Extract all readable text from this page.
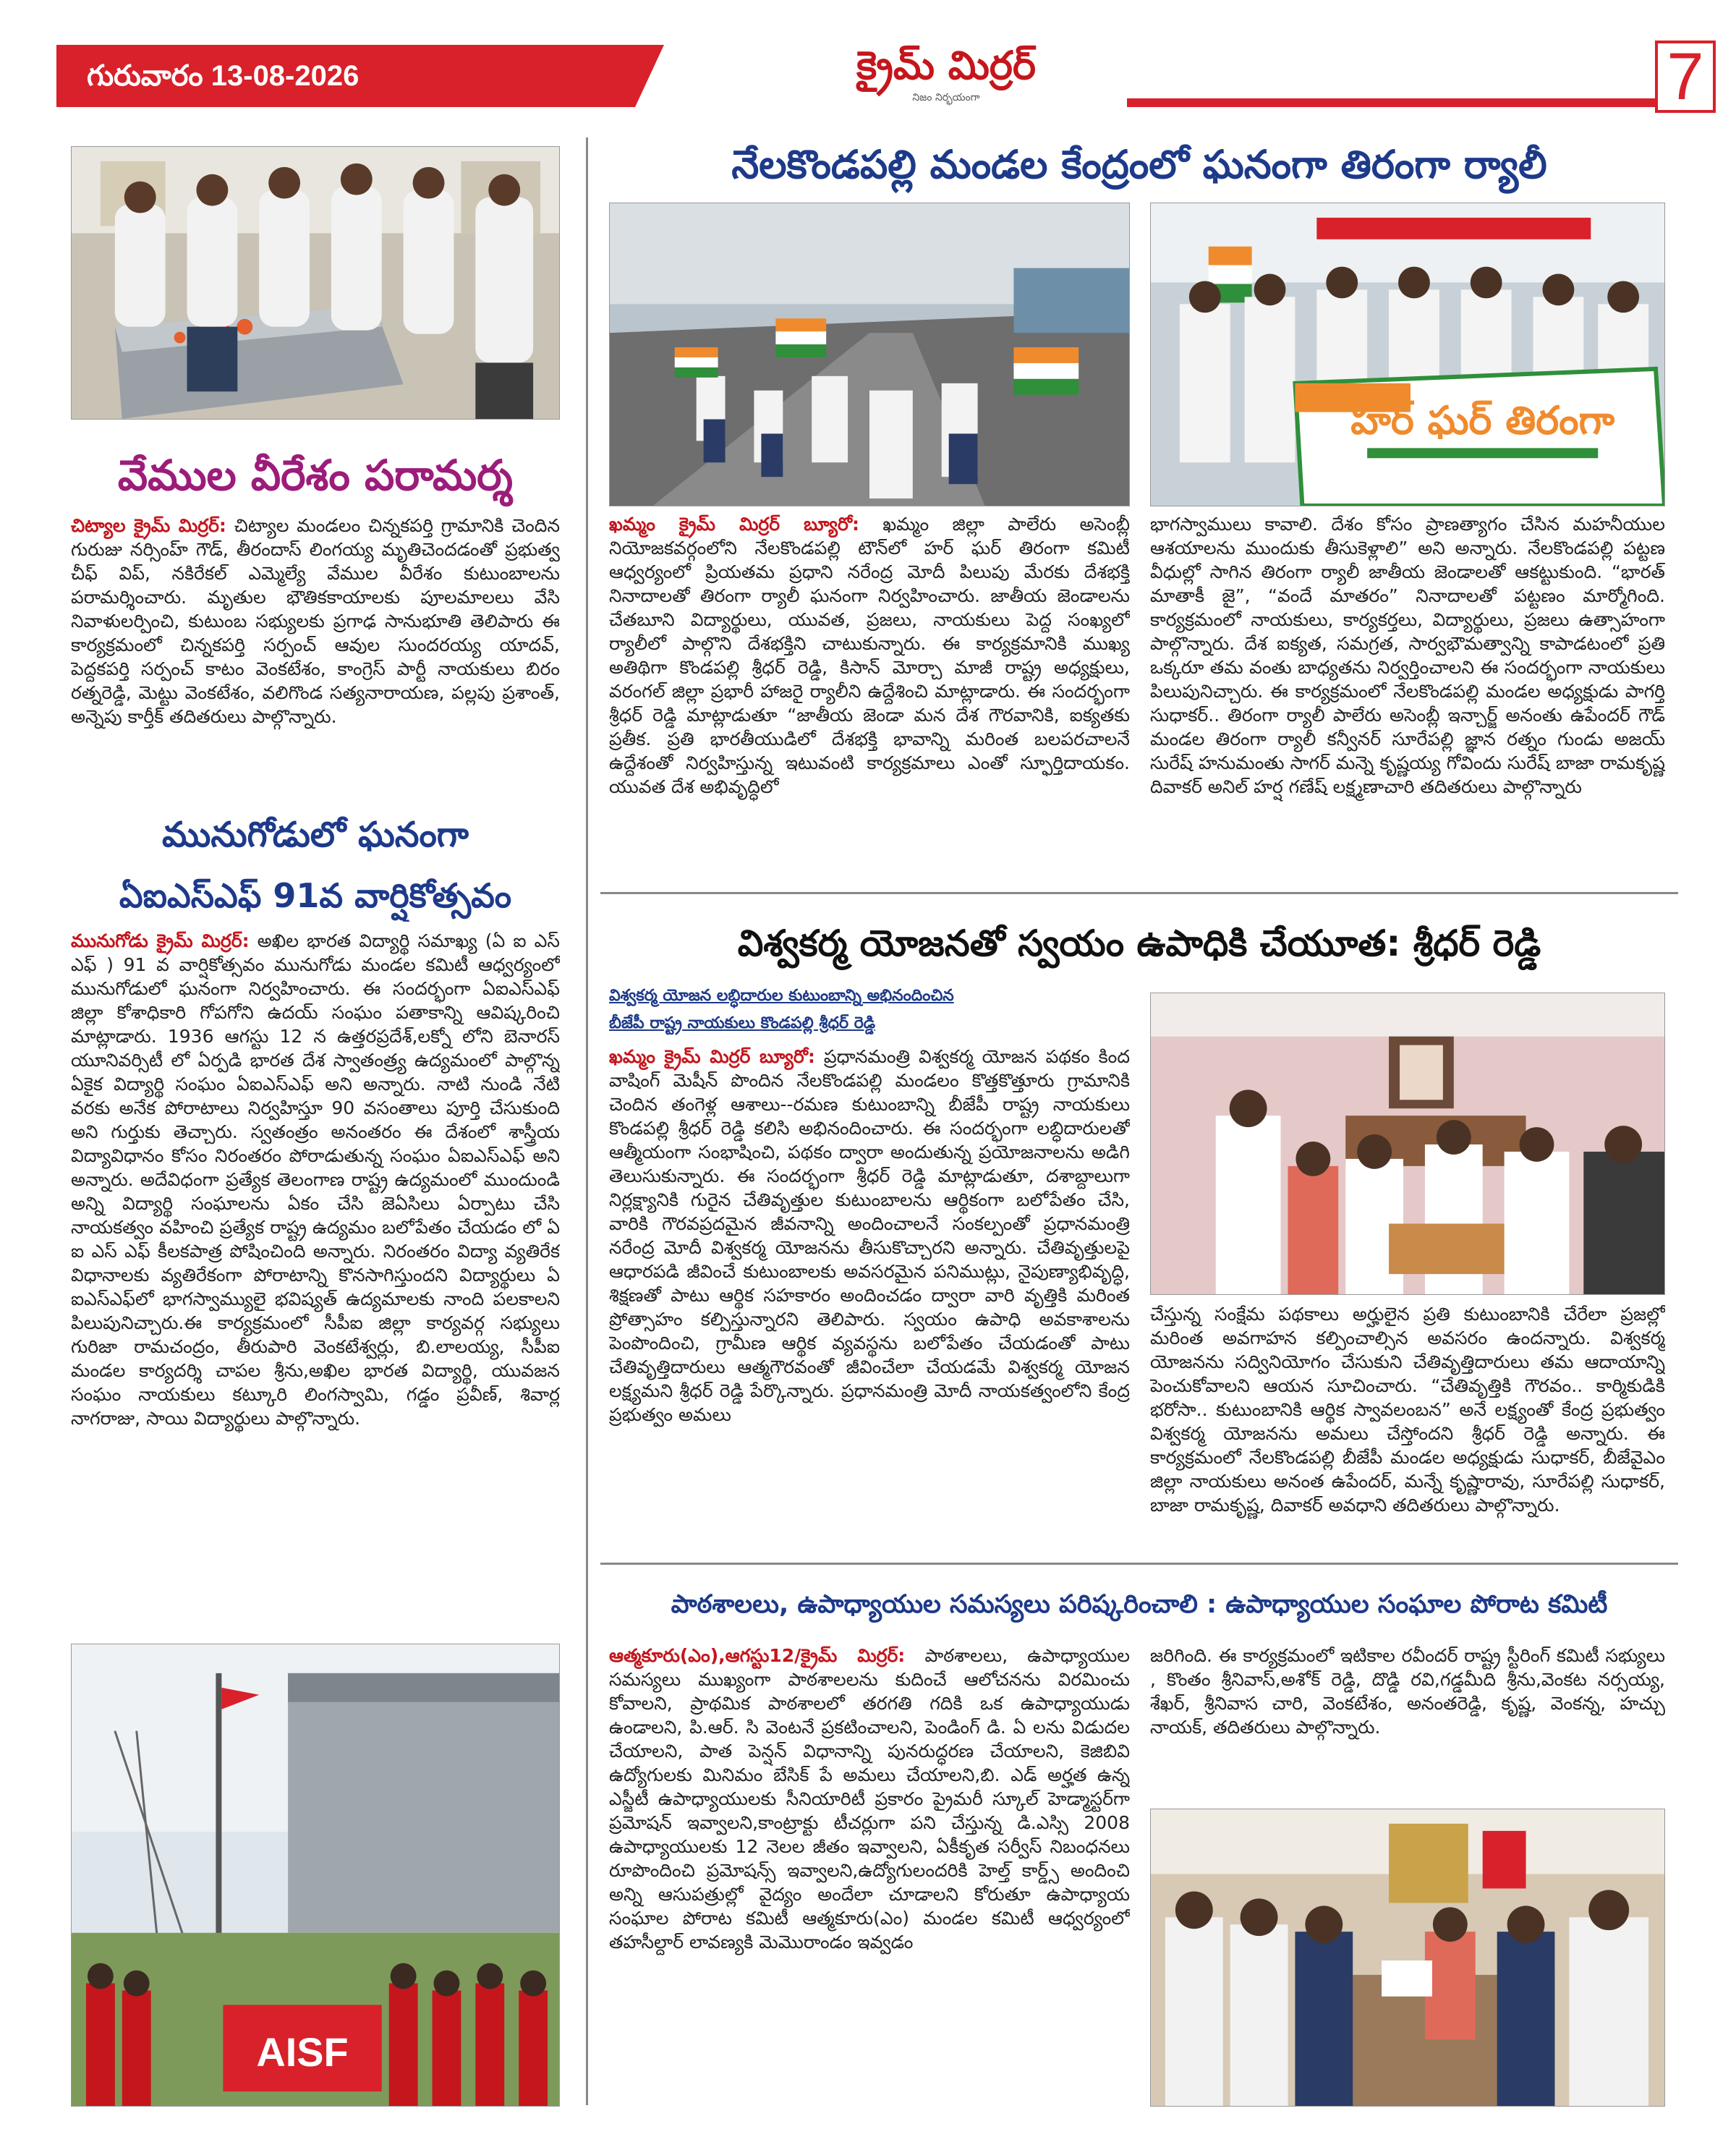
గురువారం 13-08-2026	క్రైమ్ మిర్రర్
నిజం నిర్భయంగా	7
వేముల వీరేశం పరామర్శ
చిట్యాల క్రైమ్ మిర్రర్: చిట్యాల మండలం చిన్నకపర్తి గ్రామానికి చెందిన గురుజు నర్సింహ్ గౌడ్, తీరందాస్ లింగయ్య మృతిచెందడంతో ప్రభుత్వ చీఫ్ విప్, నకిరేకల్ ఎమ్మెల్యే వేముల వీరేశం కుటుంబాలను పరామర్శించారు. మృతుల భౌతికకాయాలకు పూలమాలలు వేసి నివాళులర్పించి, కుటుంబ సభ్యులకు ప్రగాఢ సానుభూతి తెలిపారు ఈ కార్యక్రమంలో చిన్నకపర్తి సర్పంచ్ ఆవుల సుందరయ్య యాదవ్, పెద్దకపర్తి సర్పంచ్ కాటం వెంకటేశం, కాంగ్రెస్ పార్టీ నాయకులు బిరం రత్నరెడ్డి, మెట్టు వెంకటేశం, వలిగొండ సత్యనారాయణ, పల్లపు ప్రశాంత్, అన్నెపు కార్తీక్ తదితరులు పాల్గొన్నారు.
మునుగోడులో ఘనంగా
ఏఐఎస్ఎఫ్ 91వ వార్షికోత్సవం
మునుగోడు క్రైమ్ మిర్రర్: అఖిల భారత విద్యార్థి సమాఖ్య (ఏ ఐ ఎస్ ఎఫ్ ) 91 వ వార్షికోత్సవం మునుగోడు మండల కమిటీ ఆధ్వర్యంలో మునుగోడులో ఘనంగా నిర్వహించారు. ఈ సందర్భంగా ఏఐఎస్ఎఫ్ జిల్లా కోశాధికారి గోపగోని ఉదయ్ సంఘం పతాకాన్ని ఆవిష్కరించి మాట్లాడారు. 1936 ఆగస్టు 12 న ఉత్తరప్రదేశ్,లక్నో లోని బెనారస్ యూనివర్సిటీ లో ఏర్పడి భారత దేశ స్వాతంత్ర్య ఉద్యమంలో పాల్గొన్న ఏకైక విద్యార్థి సంఘం ఏఐఎస్ఎఫ్ అని అన్నారు. నాటి నుండి నేటి వరకు అనేక పోరాటాలు నిర్వహిస్తూ 90 వసంతాలు పూర్తి చేసుకుంది అని గుర్తుకు తెచ్చారు. స్వతంత్రం అనంతరం ఈ దేశంలో శాస్త్రీయ విద్యావిధానం కోసం నిరంతరం పోరాడుతున్న సంఘం ఏఐఎస్ఎఫ్ అని అన్నారు. అదేవిధంగా ప్రత్యేక తెలంగాణ రాష్ట్ర ఉద్యమంలో ముందుండి అన్ని విద్యార్థి సంఘాలను ఏకం చేసి జెఏసిలు ఏర్పాటు చేసి నాయకత్వం వహించి ప్రత్యేక రాష్ట్ర ఉద్యమం బలోపేతం చేయడం లో ఏ ఐ ఎస్ ఎఫ్ కీలకపాత్ర పోషించింది అన్నారు. నిరంతరం విద్యా వ్యతిరేక విధానాలకు వ్యతిరేకంగా పోరాటాన్ని కొనసాగిస్తుందని విద్యార్థులు ఏ ఐఎస్ఎఫ్‌లో భాగస్వామ్యులై భవిష్యత్ ఉద్యమాలకు నాంది పలకాలని పిలుపునిచ్చారు.ఈ కార్యక్రమంలో సీపీఐ జిల్లా కార్యవర్గ సభ్యులు గురిజా రామచంద్రం, తీరుపారి వెంకటేశ్వర్లు, బి.లాలయ్య, సీపీఐ మండల కార్యదర్శి చాపల శ్రీను,అఖిల భారత విద్యార్థి, యువజన సంఘం నాయకులు కట్కూరి లింగస్వామి, గడ్డం ప్రవీణ్, శివార్ల నాగరాజు, సాయి విద్యార్థులు పాల్గొన్నారు.
AISF
నేలకొండపల్లి మండల కేంద్రంలో ఘనంగా తిరంగా ర్యాలీ
హర్ ఘర్ తిరంగా
ఖమ్మం క్రైమ్ మిర్రర్ బ్యూరో: ఖమ్మం జిల్లా పాలేరు అసెంబ్లీ నియోజకవర్గంలోని నేలకొండపల్లి టౌన్‌లో హర్ ఘర్ తిరంగా కమిటీ ఆధ్వర్యంలో ప్రియతమ ప్రధాని నరేంద్ర మోదీ పిలుపు మేరకు దేశభక్తి నినాదాలతో తిరంగా ర్యాలీ ఘనంగా నిర్వహించారు. జాతీయ జెండాలను చేతబూని విద్యార్థులు, యువత, ప్రజలు, నాయకులు పెద్ద సంఖ్యలో ర్యాలీలో పాల్గొని దేశభక్తిని చాటుకున్నారు. ఈ కార్యక్రమానికి ముఖ్య అతిథిగా కొండపల్లి శ్రీధర్ రెడ్డి, కిసాన్ మోర్చా మాజీ రాష్ట్ర అధ్యక్షులు, వరంగల్ జిల్లా ప్రభారీ హాజరై ర్యాలీని ఉద్దేశించి మాట్లాడారు. ఈ సందర్భంగా శ్రీధర్ రెడ్డి మాట్లాడుతూ “జాతీయ జెండా మన దేశ గౌరవానికి, ఐక్యతకు ప్రతీక. ప్రతి భారతీయుడిలో దేశభక్తి భావాన్ని మరింత బలపరచాలనే ఉద్దేశంతో నిర్వహిస్తున్న ఇటువంటి కార్యక్రమాలు ఎంతో స్ఫూర్తిదాయకం. యువత దేశ అభివృద్ధిలో
భాగస్వాములు కావాలి. దేశం కోసం ప్రాణత్యాగం చేసిన మహనీయుల ఆశయాలను ముందుకు తీసుకెళ్లాలి” అని అన్నారు. నేలకొండపల్లి పట్టణ వీధుల్లో సాగిన తిరంగా ర్యాలీ జాతీయ జెండాలతో ఆకట్టుకుంది. “భారత్ మాతాకీ జై”, “వందే మాతరం” నినాదాలతో పట్టణం మార్మోగింది. కార్యక్రమంలో నాయకులు, కార్యకర్తలు, విద్యార్థులు, ప్రజలు ఉత్సాహంగా పాల్గొన్నారు. దేశ ఐక్యత, సమగ్రత, సార్వభౌమత్వాన్ని కాపాడటంలో ప్రతి ఒక్కరూ తమ వంతు బాధ్యతను నిర్వర్తించాలని ఈ సందర్భంగా నాయకులు పిలుపునిచ్చారు. ఈ కార్యక్రమంలో నేలకొండపల్లి మండల అధ్యక్షుడు పాగర్తి సుధాకర్.. తిరంగా ర్యాలీ పాలేరు అసెంబ్లీ ఇన్చార్జ్ అనంతు ఉపేందర్ గౌడ్ మండల తిరంగా ర్యాలీ కన్వీనర్ సూరేపల్లి జ్ఞాన రత్నం గుండు అజయ్ సురేష్ హనుమంతు సాగర్ మన్నె కృష్ణయ్య గోవిందు సురేష్ బాజా రామకృష్ణ దివాకర్ అనిల్ హర్ష గణేష్ లక్ష్మణాచారి తదితరులు పాల్గొన్నారు
విశ్వకర్మ యోజనతో స్వయం ఉపాధికి చేయూత: శ్రీధర్ రెడ్డి
విశ్వకర్మ యోజన లబ్ధిదారుల కుటుంబాన్ని అభినందించిన
బీజేపీ రాష్ట్ర నాయకులు కొండపల్లి శ్రీధర్ రెడ్డి
ఖమ్మం క్రైమ్ మిర్రర్ బ్యూరో: ప్రధానమంత్రి విశ్వకర్మ యోజన పథకం కింద వాషింగ్ మెషీన్ పొందిన నేలకొండపల్లి మండలం కొత్తకొత్తూరు గ్రామానికి చెందిన తంగెళ్ల ఆశాలు--రమణ కుటుంబాన్ని బీజేపీ రాష్ట్ర నాయకులు కొండపల్లి శ్రీధర్ రెడ్డి కలిసి అభినందించారు. ఈ సందర్భంగా లబ్ధిదారులతో ఆత్మీయంగా సంభాషించి, పథకం ద్వారా అందుతున్న ప్రయోజనాలను అడిగి తెలుసుకున్నారు. ఈ సందర్భంగా శ్రీధర్ రెడ్డి మాట్లాడుతూ, దశాబ్దాలుగా నిర్లక్ష్యానికి గురైన చేతివృత్తుల కుటుంబాలను ఆర్థికంగా బలోపేతం చేసి, వారికి గౌరవప్రదమైన జీవనాన్ని అందించాలనే సంకల్పంతో ప్రధానమంత్రి నరేంద్ర మోదీ విశ్వకర్మ యోజనను తీసుకొచ్చారని అన్నారు. చేతివృత్తులపై ఆధారపడి జీవించే కుటుంబాలకు అవసరమైన పనిముట్లు, నైపుణ్యాభివృద్ధి, శిక్షణతో పాటు ఆర్థిక సహకారం అందించడం ద్వారా వారి వృత్తికి మరింత ప్రోత్సాహం కల్పిస్తున్నారని తెలిపారు. స్వయం ఉపాధి అవకాశాలను పెంపొందించి, గ్రామీణ ఆర్థిక వ్యవస్థను బలోపేతం చేయడంతో పాటు చేతివృత్తిదారులు ఆత్మగౌరవంతో జీవించేలా చేయడమే విశ్వకర్మ యోజన లక్ష్యమని శ్రీధర్ రెడ్డి పేర్కొన్నారు. ప్రధానమంత్రి మోదీ నాయకత్వంలోని కేంద్ర ప్రభుత్వం అమలు
చేస్తున్న సంక్షేమ పథకాలు అర్హులైన ప్రతి కుటుంబానికి చేరేలా ప్రజల్లో మరింత అవగాహన కల్పించాల్సిన అవసరం ఉందన్నారు. విశ్వకర్మ యోజనను సద్వినియోగం చేసుకుని చేతివృత్తిదారులు తమ ఆదాయాన్ని పెంచుకోవాలని ఆయన సూచించారు. “చేతివృత్తికి గౌరవం.. కార్మికుడికి భరోసా.. కుటుంబానికి ఆర్థిక స్వావలంబన” అనే లక్ష్యంతో కేంద్ర ప్రభుత్వం విశ్వకర్మ యోజనను అమలు చేస్తోందని శ్రీధర్ రెడ్డి అన్నారు. ఈ కార్యక్రమంలో నేలకొండపల్లి బీజేపీ మండల అధ్యక్షుడు సుధాకర్, బీజేవైఎం జిల్లా నాయకులు అనంత ఉపేందర్, మన్నే కృష్ణారావు, సూరేపల్లి సుధాకర్, బాజా రామకృష్ణ, దివాకర్ అవధాని తదితరులు పాల్గొన్నారు.
పాఠశాలలు, ఉపాధ్యాయుల సమస్యలు పరిష్కరించాలి : ఉపాధ్యాయుల సంఘాల పోరాట కమిటీ
ఆత్మకూరు(ఎం),ఆగస్టు12/క్రైమ్ మిర్రర్: పాఠశాలలు, ఉపాధ్యాయుల సమస్యలు ముఖ్యంగా పాఠశాలలను కుదించే ఆలోచనను విరమించు కోవాలని, ప్రాథమిక పాఠశాలలో తరగతి గదికి ఒక ఉపాధ్యాయుడు ఉండాలని, పి.ఆర్. సి వెంటనే ప్రకటించాలని, పెండింగ్ డి. ఏ లను విడుదల చేయాలని, పాత పెన్షన్ విధానాన్ని పునరుద్ధరణ చేయాలని, కెజిబివి ఉద్యోగులకు మినిమం బేసిక్ పే అమలు చేయాలని,బి. ఎడ్ అర్హత ఉన్న ఎస్జీటీ ఉపాధ్యాయులకు సీనియారిటీ ప్రకారం ప్రైమరీ స్కూల్ హెడ్మాస్టర్‌గా ప్రమోషన్ ఇవ్వాలని,కాంట్రాక్టు టీచర్లుగా పని చేస్తున్న డి.ఎస్సి 2008 ఉపాధ్యాయులకు 12 నెలల జీతం ఇవ్వాలని, ఏకీకృత సర్వీస్ నిబంధనలు రూపొందించి ప్రమోషన్స్ ఇవ్వాలని,ఉద్యోగులందరికి హెల్త్ కార్డ్స్ అందించి అన్ని ఆసుపత్రుల్లో వైద్యం అందేలా చూడాలని కోరుతూ ఉపాధ్యాయ సంఘాల పోరాట కమిటీ ఆత్మకూరు(ఎం) మండల కమిటీ ఆధ్వర్యంలో తహసీల్దార్ లావణ్యకి మెమొరాండం ఇవ్వడం
జరిగింది. ఈ కార్యక్రమంలో ఇటికాల రవీందర్ రాష్ట్ర స్టీరింగ్ కమిటీ సభ్యులు , కొంతం శ్రీనివాస్,అశోక్ రెడ్డి, దొడ్డి రవి,గడ్డమీది శ్రీను,వెంకట నర్సయ్య, శేఖర్, శ్రీనివాస చారి, వెంకటేశం, అనంతరెడ్డి, కృష్ణ, వెంకన్న, హచ్చు నాయక్, తదితరులు పాల్గొన్నారు.
